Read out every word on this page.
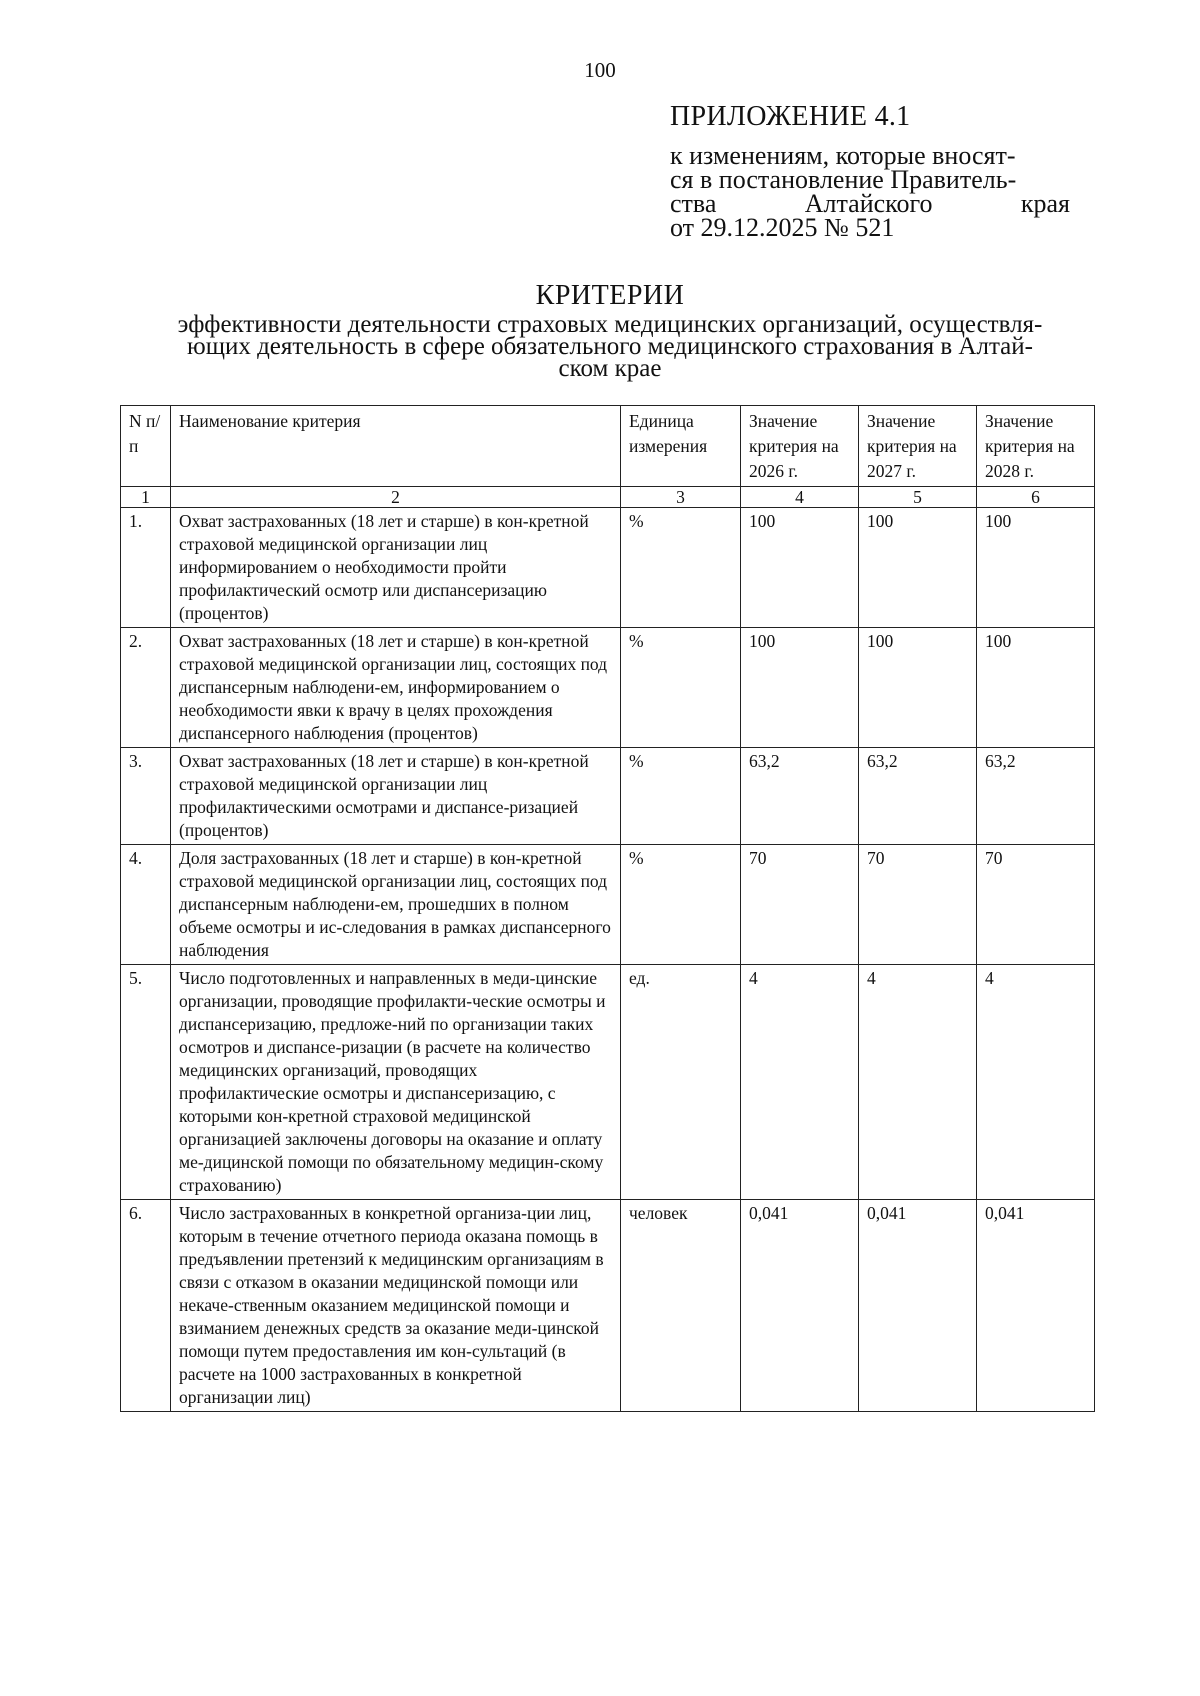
100
ПРИЛОЖЕНИЕ 4.1
к изменениям, которые вносят-
ся в постановление Правитель-
ства Алтайского края
от 29.12.2025 № 521
КРИТЕРИИ
эффективности деятельности страховых медицинских организаций, осуществля-
ющих деятельность в сфере обязательного медицинского страхования в Алтай-
ском крае
N п/п	Наименование критерия	Единица измерения	Значение критерия на 2026 г.	Значение критерия на 2027 г.	Значение критерия на 2028 г.
1	2	3	4	5	6
1.	Охват застрахованных (18 лет и старше) в кон-кретной страховой медицинской организации лиц информированием о необходимости пройти профилактический осмотр или диспансеризацию (процентов)	%	100	100	100
2.	Охват застрахованных (18 лет и старше) в кон-кретной страховой медицинской организации лиц, состоящих под диспансерным наблюдени-ем, информированием о необходимости явки к врачу в целях прохождения диспансерного наблюдения (процентов)	%	100	100	100
3.	Охват застрахованных (18 лет и старше) в кон-кретной страховой медицинской организации лиц профилактическими осмотрами и диспансе-ризацией (процентов)	%	63,2	63,2	63,2
4.	Доля застрахованных (18 лет и старше) в кон-кретной страховой медицинской организации лиц, состоящих под диспансерным наблюдени-ем, прошедших в полном объеме осмотры и ис-следования в рамках диспансерного наблюдения	%	70	70	70
5.	Число подготовленных и направленных в меди-цинские организации, проводящие профилакти-ческие осмотры и диспансеризацию, предложе-ний по организации таких осмотров и диспансе-ризации (в расчете на количество медицинских организаций, проводящих профилактические осмотры и диспансеризацию, с которыми кон-кретной страховой медицинской организацией заключены договоры на оказание и оплату ме-дицинской помощи по обязательному медицин-скому страхованию)	ед.	4	4	4
6.	Число застрахованных в конкретной организа-ции лиц, которым в течение отчетного периода оказана помощь в предъявлении претензий к медицинским организациям в связи с отказом в оказании медицинской помощи или некаче-ственным оказанием медицинской помощи и взиманием денежных средств за оказание меди-цинской помощи путем предоставления им кон-сультаций (в расчете на 1000 застрахованных в конкретной организации лиц)	человек	0,041	0,041	0,041
